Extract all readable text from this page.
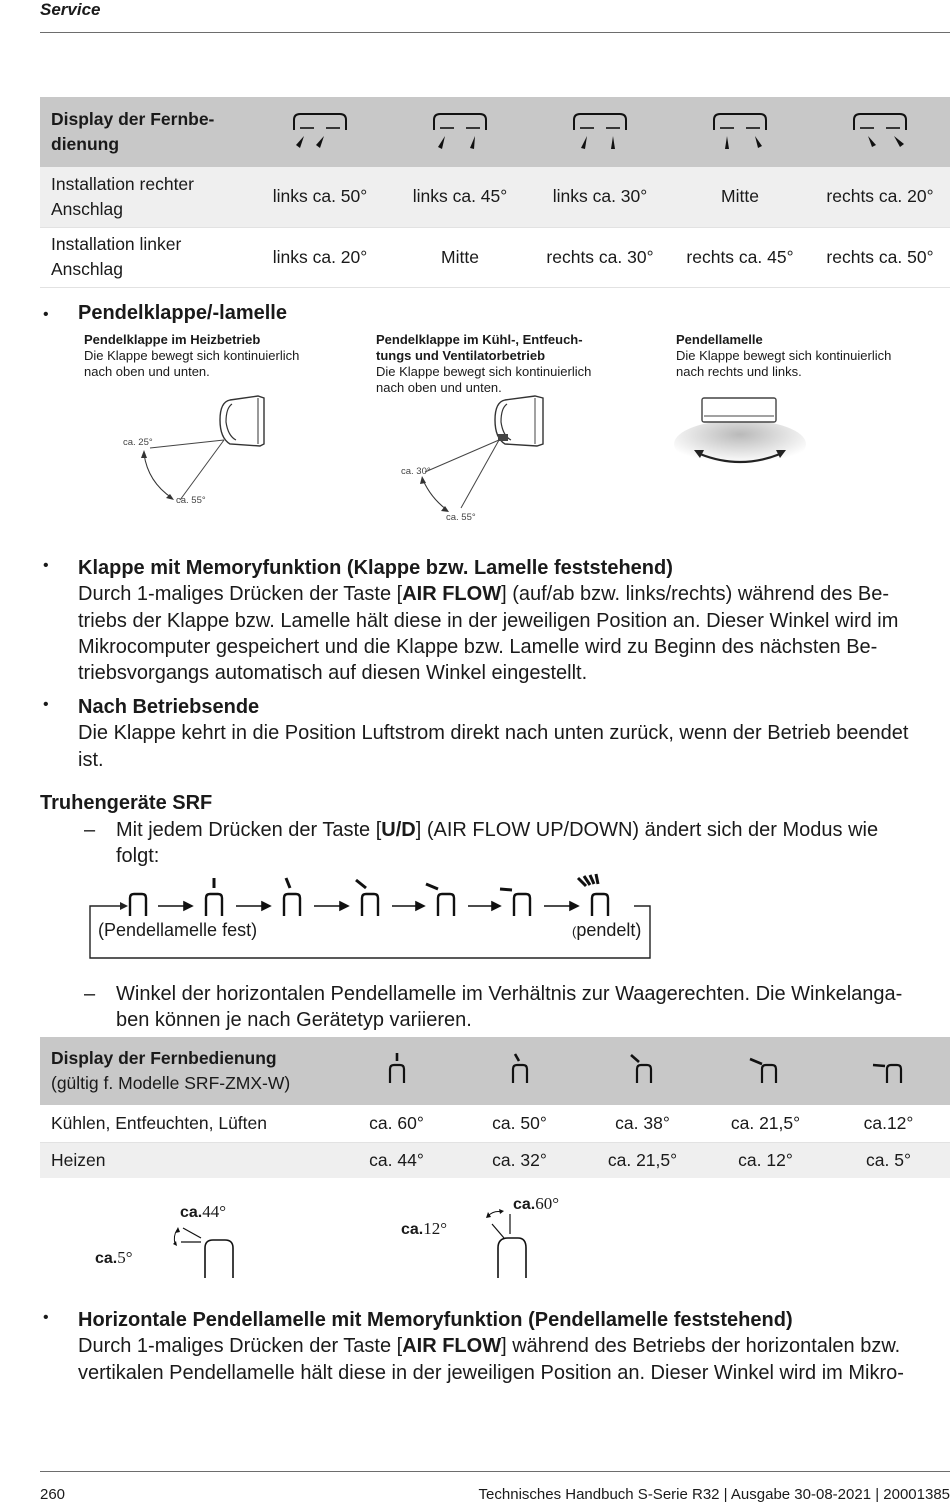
Service
Display der Fernbe-
dienung					
Installation rechter
Anschlag	links ca. 50°	links ca. 45°	links ca. 30°	Mitte	rechts ca. 20°
Installation linker
Anschlag	links ca. 20°	Mitte	rechts ca. 30°	rechts ca. 45°	rechts ca. 50°
• Pendelklappe/-lamelle
Pendelklappe im Heizbetrieb
Die Klappe bewegt sich kontinuierlich
nach oben und unten.
Pendelklappe im Kühl-, Entfeuch-
tungs und Ventilatorbetrieb
Die Klappe bewegt sich kontinuierlich
nach oben und unten.
Pendellamelle
Die Klappe bewegt sich kontinuierlich
nach rechts und links.
ca. 25°
ca. 55°
ca. 30°
ca. 55°
• Klappe mit Memoryfunktion (Klappe bzw. Lamelle feststehend)
Durch 1-maliges Drücken der Taste [AIR FLOW] (auf/ab bzw. links/rechts) während des Be-
triebs der Klappe bzw. Lamelle hält diese in der jeweiligen Position an. Dieser Winkel wird im
Mikrocomputer gespeichert und die Klappe bzw. Lamelle wird zu Beginn des nächsten Be-
triebsvorgangs automatisch auf diesen Winkel eingestellt.
• Nach Betriebsende
Die Klappe kehrt in die Position Luftstrom direkt nach unten zurück, wenn der Betrieb beendet
ist.
Truhengeräte SRF
– Mit jedem Drücken der Taste [U/D] (AIR FLOW UP/DOWN) ändert sich der Modus wie
folgt:
(Pendellamelle fest)	(pendelt)
– Winkel der horizontalen Pendellamelle im Verhältnis zur Waagerechten. Die Winkelanga-
ben können je nach Gerätetyp variieren.
Display der Fernbedienung
(gültig f. Modelle SRF-ZMX-W)					
Kühlen, Entfeuchten, Lüften	ca. 60°	ca. 50°	ca. 38°	ca. 21,5°	ca.12°
Heizen	ca. 44°	ca. 32°	ca. 21,5°	ca. 12°	ca. 5°
ca.44°
ca.5°
ca.60°
ca.12°
• Horizontale Pendellamelle mit Memoryfunktion (Pendellamelle feststehend)
Durch 1-maliges Drücken der Taste [AIR FLOW] während des Betriebs der horizontalen bzw.
vertikalen Pendellamelle hält diese in der jeweiligen Position an. Dieser Winkel wird im Mikro-
260	Technisches Handbuch S-Serie R32 | Ausgabe 30-08-2021 | 20001385
